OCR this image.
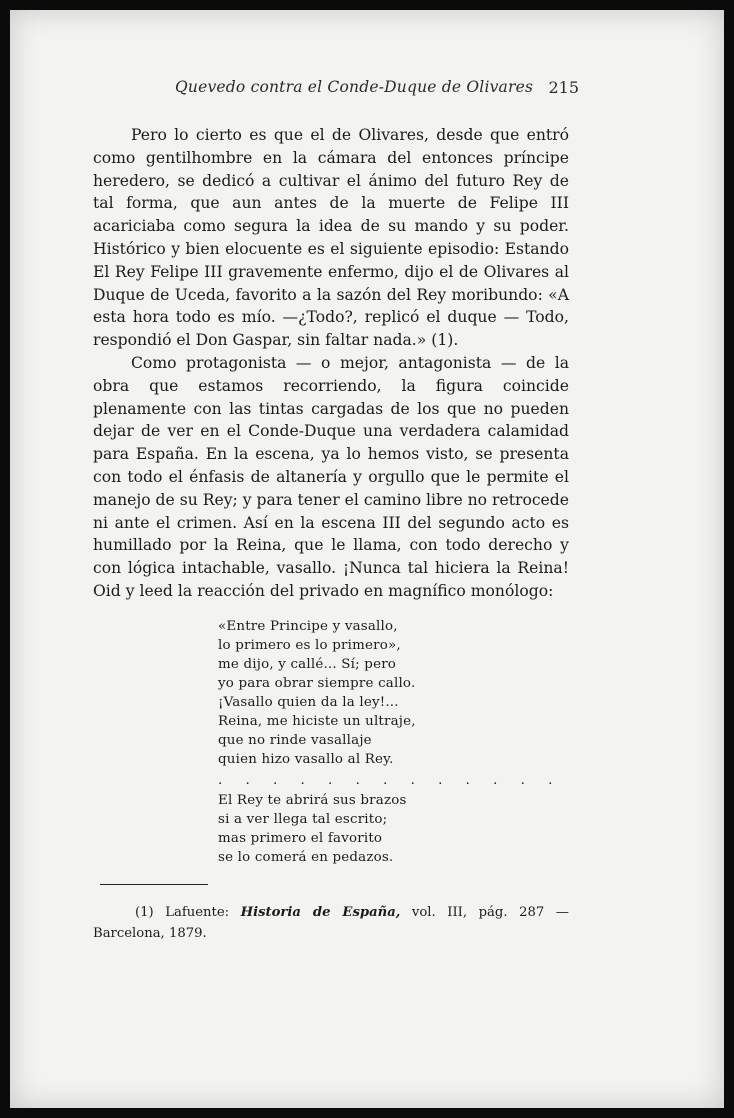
Quevedo contra el Conde-Duque de Olivares 215

Pero lo cierto es que el de Olivares, desde que entró como gentilhombre en la cámara del entonces príncipe heredero, se dedicó a cultivar el ánimo del futuro Rey de tal forma, que aun antes de la muerte de Felipe III acariciaba como segura la idea de su mando y su poder. Histórico y bien elocuente es el siguiente episodio: Estando El Rey Felipe III gravemente enfermo, dijo el de Olivares al Duque de Uceda, favorito a la sazón del Rey moribundo: «A esta hora todo es mío. —¿Todo?, replicó el duque — Todo, respondió el Don Gaspar, sin faltar nada.» (1).

Como protagonista — o mejor, antagonista — de la obra que estamos recorriendo, la figura coincide plenamente con las tintas cargadas de los que no pueden dejar de ver en el Conde-Duque una verdadera calamidad para España. En la escena, ya lo hemos visto, se presenta con todo el énfasis de altanería y orgullo que le permite el manejo de su Rey; y para tener el camino libre no retrocede ni ante el crimen. Así en la escena III del segundo acto es humillado por la Reina, que le llama, con todo derecho y con lógica intachable, vasallo. ¡Nunca tal hiciera la Reina! Oid y leed la reacción del privado en magnífico monólogo:

«Entre Principe y vasallo,
lo primero es lo primero»,
me dijo, y callé... Sí; pero
yo para obrar siempre callo.
¡Vasallo quien da la ley!...
Reina, me hiciste un ultraje,
que no rinde vasallaje
quien hizo vasallo al Rey.
. . . . . . . . . . . . .
El Rey te abrirá sus brazos
si a ver llega tal escrito;
mas primero el favorito
se lo comerá en pedazos.
(1) Lafuente: Historia de España, vol. III, pág. 287 — Barcelona, 1879.
